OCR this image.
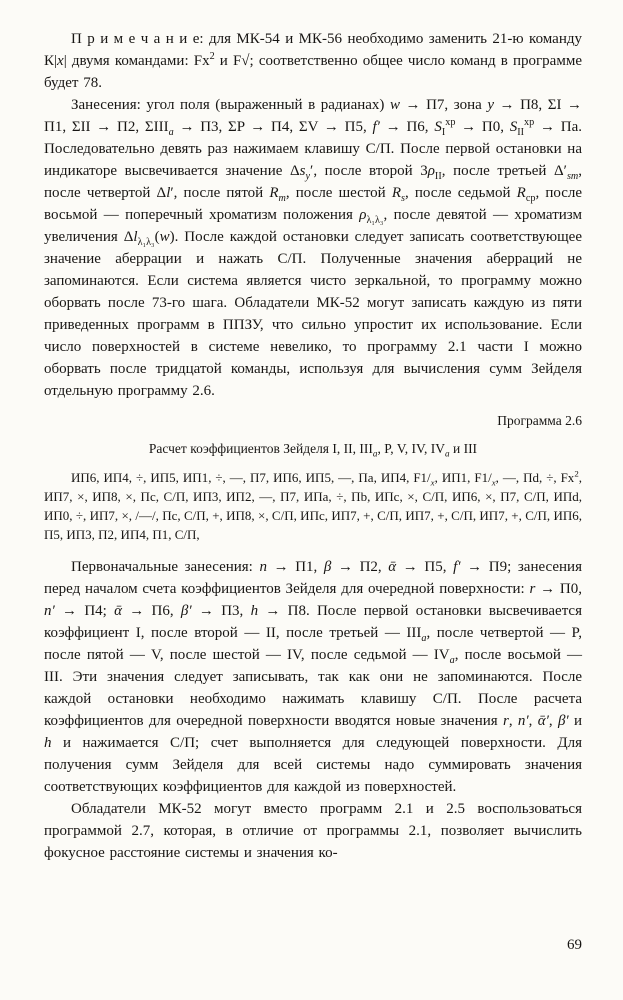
П р и м е ч а н и е: для МК-54 и МК-56 необходимо заменить 21-ю команду К|x| двумя командами: Fx$^2$ и F√; соответственно общее число команд в программе будет 78.

Занесения: угол поля (выраженный в радианах) w → П7, зона y → П8, ΣI → П1, ΣII → П2, $\Sigma III_a \to П3$, ΣP → П4, ΣV → П5, f′ → П6, $S_I^{хр} \to П0$, $S_{II}^{хр}$ → Па. Последовательно девять раз нажимаем клавишу С/П. После первой остановки на индикаторе высвечивается значение $\Delta s_y'$, после второй $3\rho_{II}$, после третьей $\Delta'_{sm}$, после четвертой Δl′, после пятой $R_m$, после шестой $R_s$, после седьмой $R_{ср}$, после восьмой — поперечный хроматизм положения $\rho_{\lambda_1\lambda_3}$, после девятой — хроматизм увеличения $\Delta l_{\lambda_1\lambda_3}(w)$. После каждой остановки следует записать соответствующее значение аберрации и нажать С/П. Полученные значения аберраций не запоминаются. Если система является чисто зеркальной, то программу можно оборвать после 73-го шага. Обладатели МК-52 могут записать каждую из пяти приведенных программ в ППЗУ, что сильно упростит их использование. Если число поверхностей в системе невелико, то программу 2.1 части I можно оборвать после тридцатой команды, используя для вычисления сумм Зейделя отдельную программу 2.6.

Программа 2.6

Расчет коэффициентов Зейделя I, II, $III_a$, P, V, IV, $IV_a$ и III

ИП6, ИП4, ÷, ИП5, ИП1, ÷, —, П7, ИП6, ИП5, —, Па, ИП4, $F1/_x$, ИП1, $F1/_x$, —, Пd, ÷, Fx$^2$, ИП7, ×, ИП8, ×, Пс, С/П, ИП3, ИП2, —, П7, ИПа, ÷, Пb, ИПс, ×, С/П, ИП6, ×, П7, С/П, ИПd, ИП0, ÷, ИП7, ×, /—/, Пс, С/П, +, ИП8, ×, С/П, ИПс, ИП7, +, С/П, ИП7, +, С/П, ИП7, +, С/П, ИП6, П5, ИП3, П2, ИП4, П1, С/П,

Первоначальные занесения: n → П1, β → П2, ᾱ → П5, f′ → П9; занесения перед началом счета коэффициентов Зейделя для очередной поверхности: r → П0, n′ → П4; ᾱ → П6, β′ → П3, h → П8. После первой остановки высвечивается коэффициент I, после второй — II, после третьей — $III_a$, после четвертой — P, после пятой — V, после шестой — IV, после седьмой — $IV_a$, после восьмой — III. Эти значения следует записывать, так как они не запоминаются. После каждой остановки необходимо нажимать клавишу С/П. После расчета коэффициентов для очередной поверхности вводятся новые значения r, n′, ᾱ′, β′ и h и нажимается С/П; счет выполняется для следующей поверхности. Для получения сумм Зейделя для всей системы надо суммировать значения соответствующих коэффициентов для каждой из поверхностей.

Обладатели МК-52 могут вместо программ 2.1 и 2.5 воспользоваться программой 2.7, которая, в отличие от программы 2.1, позволяет вычислить фокусное расстояние системы и значения ко-

69
